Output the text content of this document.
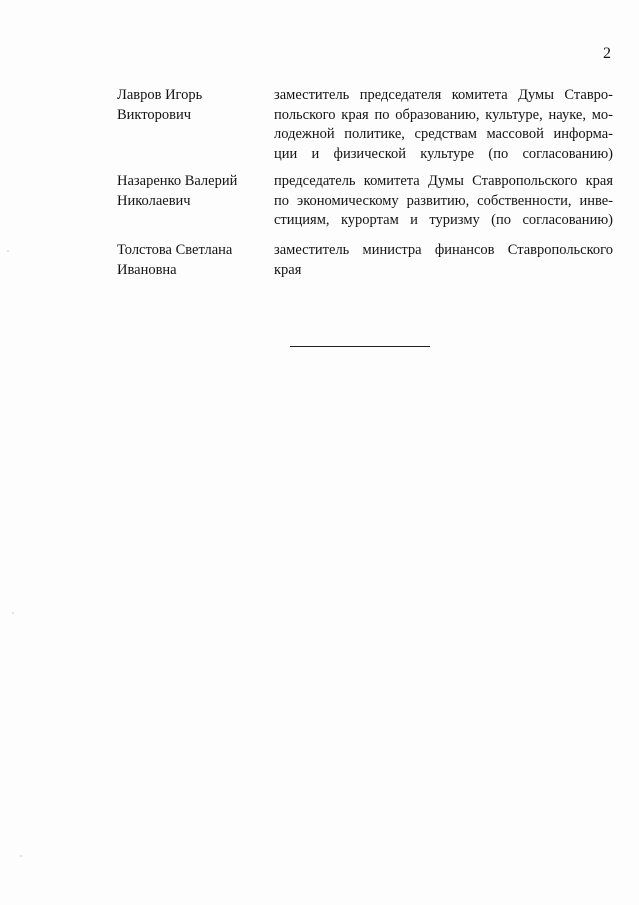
2
Лавров Игорь
Викторович
заместитель председателя комитета Думы Ставро-
польского края по образованию, культуре, науке, мо-
лодежной политике, средствам массовой информа-
ции и физической культуре (по согласованию)
Назаренко Валерий
Николаевич
председатель комитета Думы Ставропольского края
по экономическому развитию, собственности, инве-
стициям, курортам и туризму (по согласованию)
Толстова Светлана
Ивановна
заместитель министра финансов Ставропольского
края
